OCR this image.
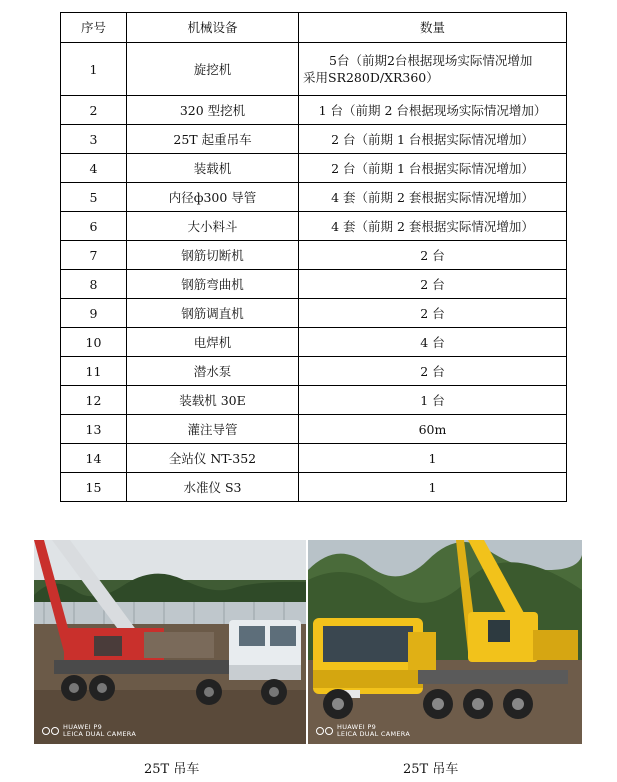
序号	机械设备	数量
1	旋挖机	5台（前期2台根据现场实际情况增加
采用SR280D/XR360）

2	320 型挖机	1 台（前期 2 台根据现场实际情况增加）
3	25T 起重吊车	2 台（前期 1 台根据实际情况增加）
4	装载机	2 台（前期 1 台根据实际情况增加）
5	内径ф300 导管	4 套（前期 2 套根据实际情况增加）
6	大小料斗	4 套（前期 2 套根据实际情况增加）
7	钢筋切断机	2 台
8	钢筋弯曲机	2 台
9	钢筋调直机	2 台
10	电焊机	4 台
11	潜水泵	2 台
12	装载机 30E	1 台
13	灌注导管	60m
14	全站仪 NT-352	1
15	水准仪 S3	1
HUAWEI P9
LEICA DUAL CAMERA
HUAWEI P9
LEICA DUAL CAMERA
25T 吊车	25T 吊车
